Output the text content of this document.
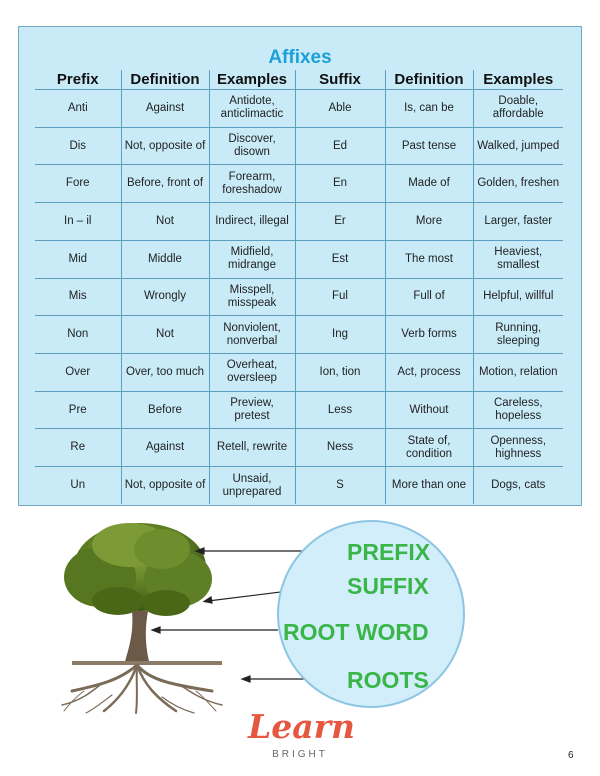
Affixes
Prefix	Definition	Examples	Suffix	Definition	Examples
Anti	Against	Antidote, anticlimactic	Able	Is, can be	Doable, affordable
Dis	Not, opposite of	Discover, disown	Ed	Past tense	Walked, jumped
Fore	Before, front of	Forearm, foreshadow	En	Made of	Golden, freshen
In – il	Not	Indirect, illegal	Er	More	Larger, faster
Mid	Middle	Midfield, midrange	Est	The most	Heaviest, smallest
Mis	Wrongly	Misspell, misspeak	Ful	Full of	Helpful, willful
Non	Not	Nonviolent, nonverbal	Ing	Verb forms	Running, sleeping
Over	Over, too much	Overheat, oversleep	Ion, tion	Act, process	Motion, relation
Pre	Before	Preview, pretest	Less	Without	Careless, hopeless
Re	Against	Retell, rewrite	Ness	State of, condition	Openness, highness
Un	Not, opposite of	Unsaid, unprepared	S	More than one	Dogs, cats

PREFIX

SUFFIX

ROOT WORD

ROOTS

Learn
BRIGHT	6
